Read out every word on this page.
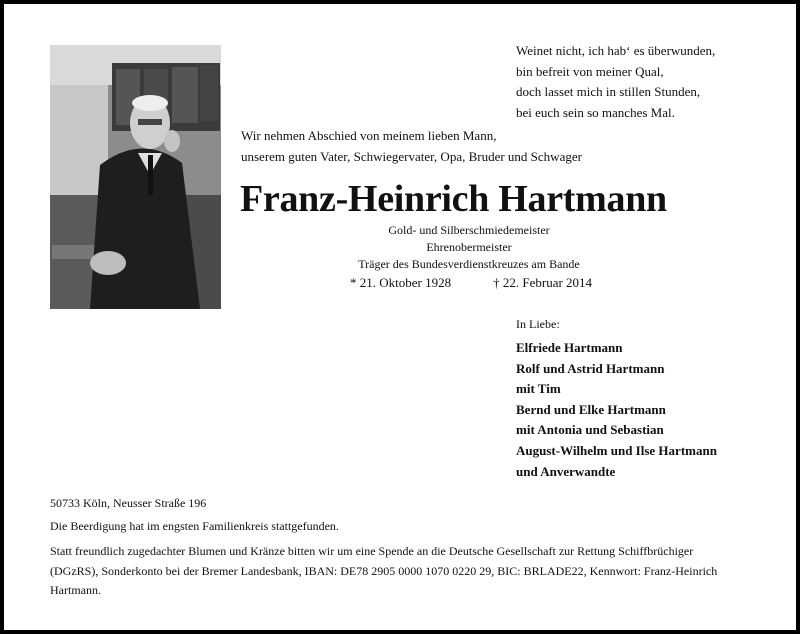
Weinet nicht, ich hab‘ es überwunden,
bin befreit von meiner Qual,
doch lasset mich in stillen Stunden,
bei euch sein so manches Mal.
Wir nehmen Abschied von meinem lieben Mann,
unserem guten Vater, Schwiegervater, Opa, Bruder und Schwager
Franz-Heinrich Hartmann
Gold- und Silberschmiedemeister
Ehrenobermeister
Träger des Bundesverdienstkreuzes am Bande
* 21. Oktober 1928	† 22. Februar 2014
In Liebe:
Elfriede Hartmann
Rolf und Astrid Hartmann
mit Tim
Bernd und Elke Hartmann
mit Antonia und Sebastian
August-Wilhelm und Ilse Hartmann
und Anverwandte
50733 Köln, Neusser Straße 196
Die Beerdigung hat im engsten Familienkreis stattgefunden.
Statt freundlich zugedachter Blumen und Kränze bitten wir um eine Spende an die Deutsche Gesellschaft zur Rettung Schiffbrüchiger
(DGzRS), Sonderkonto bei der Bremer Landesbank, IBAN: DE78 2905 0000 1070 0220 29, BIC: BRLADE22, Kennwort: Franz-Heinrich
Hartmann.
